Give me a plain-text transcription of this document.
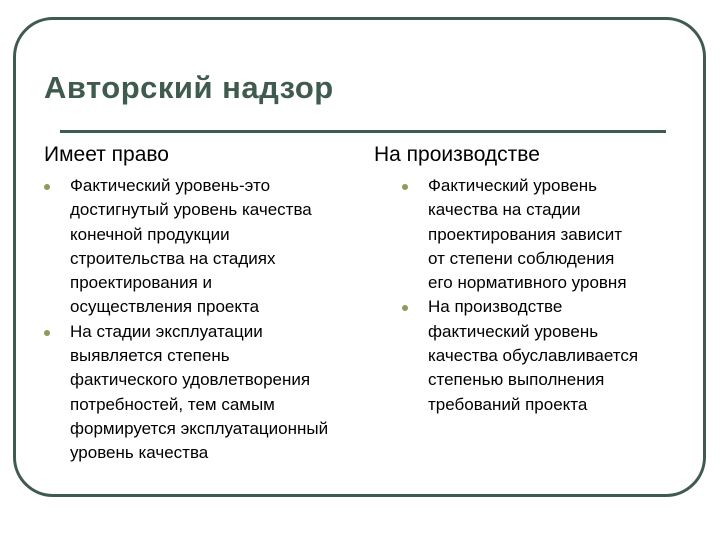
Авторский надзор
Имеет право	На производстве
Фактический уровень-это
достигнутый уровень качества
конечной продукции
строительства на стадиях
проектирования и
осуществления проекта
На стадии эксплуатации
выявляется степень
фактического удовлетворения
потребностей, тем самым
формируется эксплуатационный
уровень качества
Фактический уровень
качества на стадии
проектирования зависит
от степени соблюдения
его нормативного уровня
На производстве
фактический уровень
качества обуславливается
степенью выполнения
требований проекта
